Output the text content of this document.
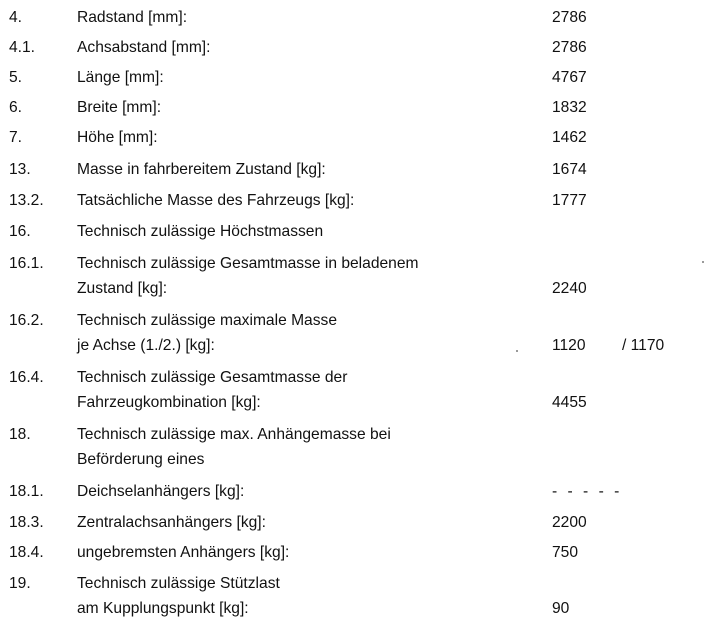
4.	Radstand [mm]:	2786
4.1.	Achsabstand [mm]:	2786
5.	Länge [mm]:	4767
6.	Breite [mm]:	1832
7.	Höhe [mm]:	1462
13.	Masse in fahrbereitem Zustand [kg]:	1674
13.2. Tatsächliche Masse des Fahrzeugs [kg]:	1777
16.	Technisch zulässige Höchstmassen
16.1. Technisch zulässige Gesamtmasse in beladenem
Zustand [kg]:	2240
16.2. Technisch zulässige maximale Masse
je Achse (1./2.) [kg]:	1120 / 1170
16.4. Technisch zulässige Gesamtmasse der
Fahrzeugkombination [kg]:	4455
18.	Technisch zulässige max. Anhängemasse bei
Beförderung eines
18.1. Deichselanhängers [kg]:	- - - - -
18.3. Zentralachsanhängers [kg]:	2200
18.4. ungebremsten Anhängers [kg]:	750
19.	Technisch zulässige Stützlast
am Kupplungspunkt [kg]:	90
